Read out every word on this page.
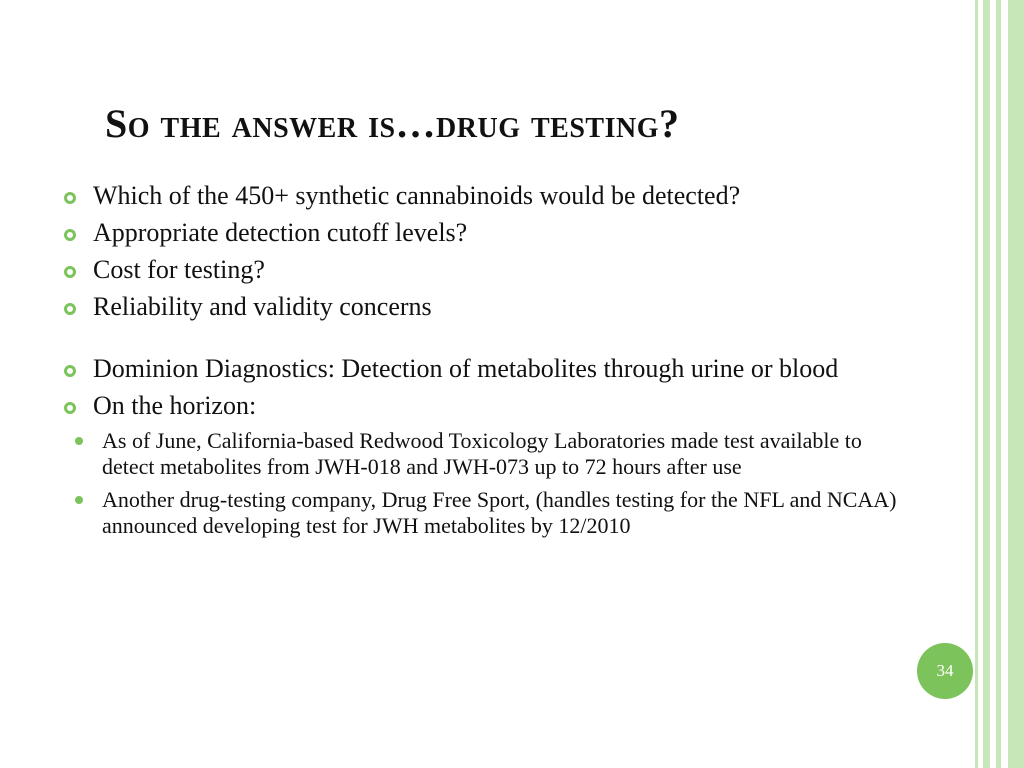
So the answer is…drug testing?
Which of the 450+ synthetic cannabinoids would be detected?
Appropriate detection cutoff levels?
Cost for testing?
Reliability and validity concerns
Dominion Diagnostics: Detection of metabolites through urine or blood
On the horizon:
As of June, California-based Redwood Toxicology Laboratories made test available to detect metabolites from JWH-018 and JWH-073 up to 72 hours after use
Another drug-testing company, Drug Free Sport, (handles testing for the NFL and NCAA) announced developing test for JWH metabolites by 12/2010
34
